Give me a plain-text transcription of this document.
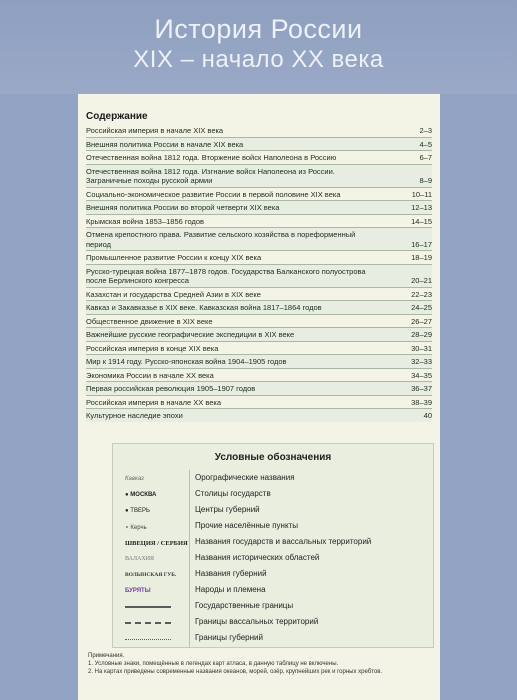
История России
XIX – начало XX века
Содержание
Российская империя в начале XIX века	2–3
Внешняя политика России в начале XIX века	4–5
Отечественная война 1812 года. Вторжение войск Наполеона в Россию	6–7
Отечественная война 1812 года. Изгнание войск Наполеона из России. Заграничные походы русской армии	8–9
Социально-экономическое развитие России в первой половине XIX века	10–11
Внешняя политика России во второй четверти XIX века	12–13
Крымская война 1853–1856 годов	14–15
Отмена крепостного права. Развитие сельского хозяйства в пореформенный период	16–17
Промышленное развитие России к концу XIX века	18–19
Русско-турецкая война 1877–1878 годов. Государства Балканского полуострова после Берлинского конгресса	20–21
Казахстан и государства Средней Азии в XIX веке	22–23
Кавказ и Закавказье в XIX веке. Кавказская война 1817–1864 годов	24–25
Общественное движение в XIX веке	26–27
Важнейшие русские географические экспедиции в XIX веке	28–29
Российская империя в конце XIX века	30–31
Мир к 1914 году. Русско-японская война 1904–1905 годов	32–33
Экономика России в начале XX века	34–35
Первая российская революция 1905–1907 годов	36–37
Российская империя в начале XX века	38–39
Культурное наследие эпохи	40
Условные обозначения
Кавказ	Орографические названия
● МОСКВА	Столицы государств
● ТВЕРЬ	Центры губерний
∘ Керчь	Прочие населённые пункты
ШВЕЦИЯ / СЕРБИЯ Названия государств и вассальных территорий
ВАЛАХИЯ	Названия исторических областей
ВОЛЫНСКАЯ ГУБ. Названия губерний
БУРЯТЫ	Народы и племена
Государственные границы
Границы вассальных территорий
Границы губерний
Примечания.
1. Условные знаки, помещённые в легендах карт атласа, в данную таблицу не включены.
2. На картах приведены современные названия океанов, морей, озёр, крупнейших рек и горных хребтов.
